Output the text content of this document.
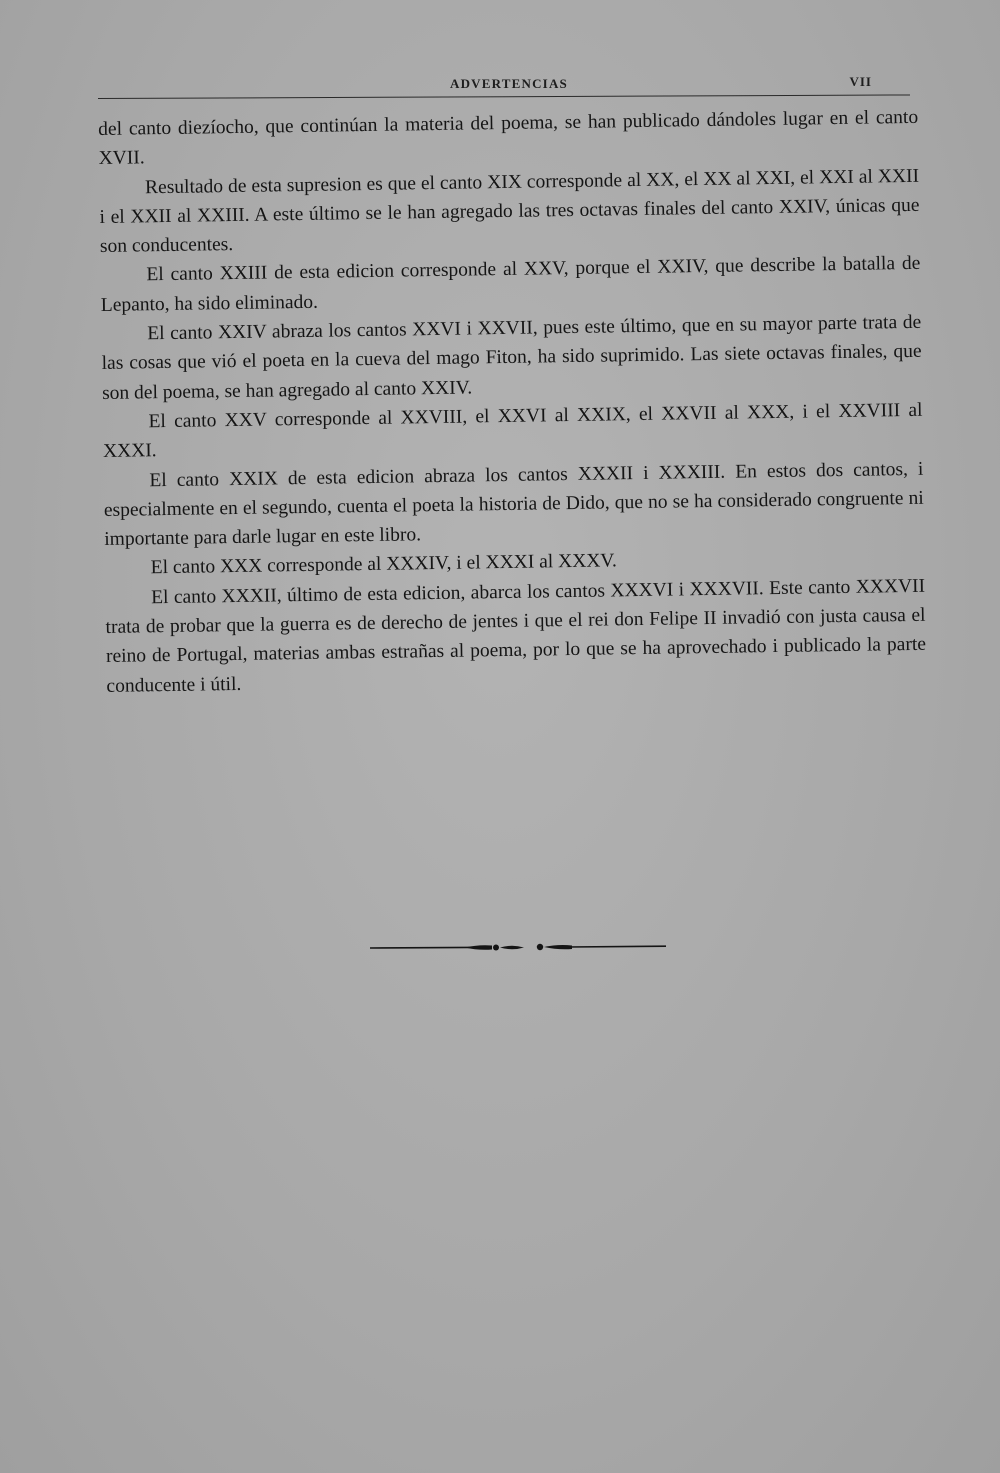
ADVERTENCIAS	VII

del canto diezíocho, que continúan la materia del poema, se han publicado dándoles lugar en el canto XVII.

Resultado de esta supresion es que el canto XIX corresponde al XX, el XX al XXI, el XXI al XXII i el XXII al XXIII. A este último se le han agregado las tres octavas finales del canto XXIV, únicas que son conducentes.

El canto XXIII de esta edicion corresponde al XXV, porque el XXIV, que describe la batalla de Lepanto, ha sido eliminado.

El canto XXIV abraza los cantos XXVI i XXVII, pues este último, que en su mayor parte trata de las cosas que vió el poeta en la cueva del mago Fiton, ha sido suprimido. Las siete octavas finales, que son del poema, se han agregado al canto XXIV.

El canto XXV corresponde al XXVIII, el XXVI al XXIX, el XXVII al XXX, i el XXVIII al XXXI.

El canto XXIX de esta edicion abraza los cantos XXXII i XXXIII. En estos dos cantos, i especialmente en el segundo, cuenta el poeta la historia de Dido, que no se ha considerado congruente ni importante para darle lugar en este libro.

El canto XXX corresponde al XXXIV, i el XXXI al XXXV.

El canto XXXII, último de esta edicion, abarca los cantos XXXVI i XXXVII. Este canto XXXVII trata de probar que la guerra es de derecho de jentes i que el rei don Felipe II invadió con justa causa el reino de Portugal, materias ambas estrañas al poema, por lo que se ha aprovechado i publicado la parte conducente i útil.
